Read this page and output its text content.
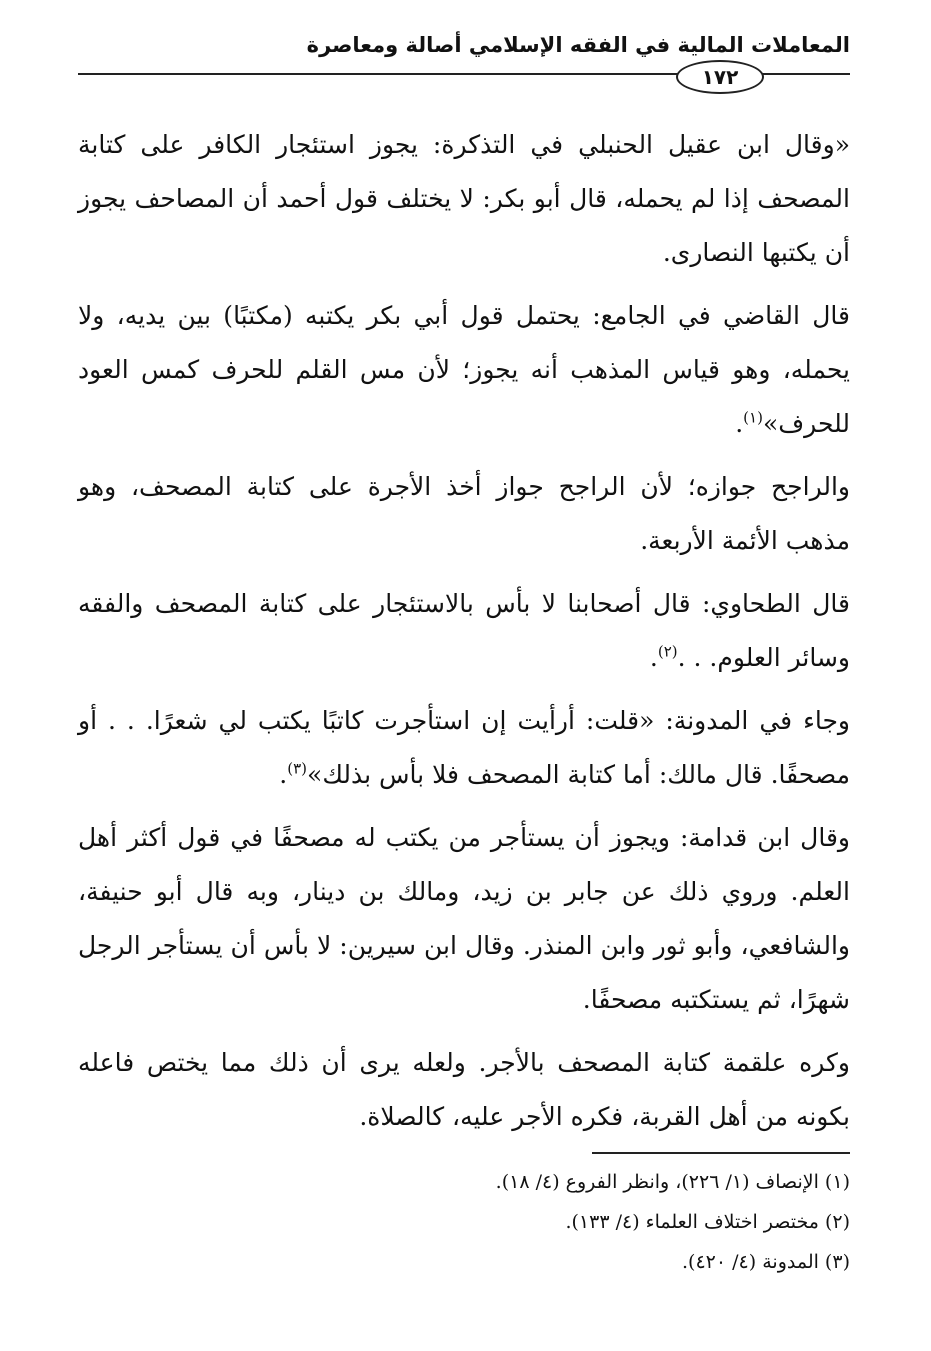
المعاملات المالية في الفقه الإسلامي أصالة ومعاصرة
١٧٢

«وقال ابن عقيل الحنبلي في التذكرة: يجوز استئجار الكافر على كتابة المصحف إذا لم يحمله، قال أبو بكر: لا يختلف قول أحمد أن المصاحف يجوز أن يكتبها النصارى.

قال القاضي في الجامع: يحتمل قول أبي بكر يكتبه (مكتبًا) بين يديه، ولا يحمله، وهو قياس المذهب أنه يجوز؛ لأن مس القلم للحرف كمس العود للحرف»$^{(١)}$.

والراجح جوازه؛ لأن الراجح جواز أخذ الأجرة على كتابة المصحف، وهو مذهب الأئمة الأربعة.

قال الطحاوي: قال أصحابنا لا بأس بالاستئجار على كتابة المصحف والفقه وسائر العلوم. . .$^{(٢)}$.

وجاء في المدونة: «قلت: أرأيت إن استأجرت كاتبًا يكتب لي شعرًا. . . أو مصحفًا. قال مالك: أما كتابة المصحف فلا بأس بذلك»$^{(٣)}$.

وقال ابن قدامة: ويجوز أن يستأجر من يكتب له مصحفًا في قول أكثر أهل العلم. وروي ذلك عن جابر بن زيد، ومالك بن دينار، وبه قال أبو حنيفة، والشافعي، وأبو ثور وابن المنذر. وقال ابن سيرين: لا بأس أن يستأجر الرجل شهرًا، ثم يستكتبه مصحفًا.

وكره علقمة كتابة المصحف بالأجر. ولعله يرى أن ذلك مما يختص فاعله بكونه من أهل القربة، فكره الأجر عليه، كالصلاة.

(١) الإنصاف (١/ ٢٢٦)، وانظر الفروع (٤/ ١٨).
(٢) مختصر اختلاف العلماء (٤/ ١٣٣).
(٣) المدونة (٤/ ٤٢٠).
